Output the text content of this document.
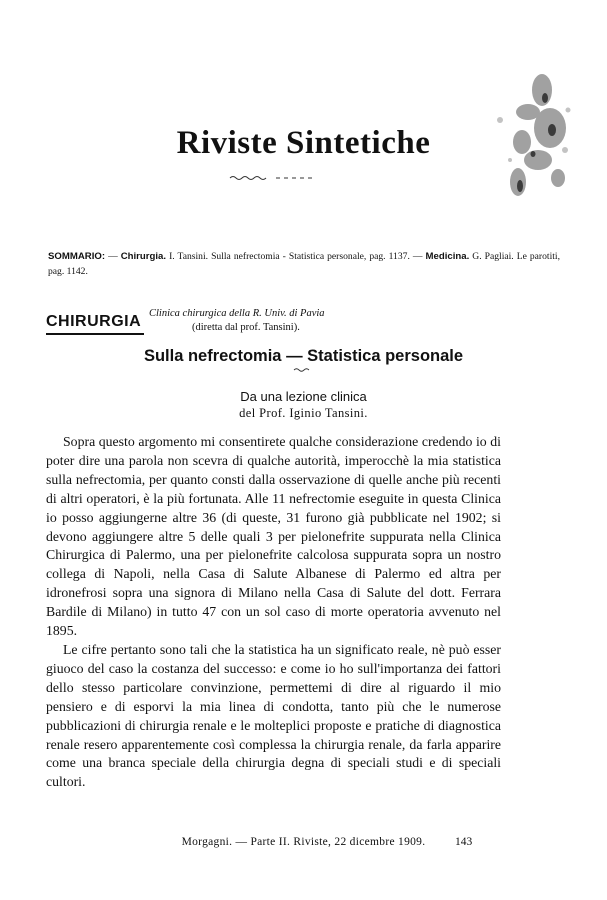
Riviste Sintetiche
SOMMARIO: — Chirurgia. I. Tansini. Sulla nefrectomia - Statistica personale, pag. 1137. — Medicina. G. Pagliai. Le parotiti, pag. 1142.
CHIRURGIA Clinica chirurgica della R. Univ. di Pavia
(diretta dal prof. Tansini).
Sulla nefrectomia — Statistica personale
Da una lezione clinica
del Prof. Iginio Tansini.

Sopra questo argomento mi consentirete qualche considerazione credendo io di poter dire una parola non scevra di qualche autorità, imperocchè la mia statistica sulla nefrectomia, per quanto consti dalla osservazione di quelle anche più recenti di altri operatori, è la più fortunata. Alle 11 nefrectomie eseguite in questa Clinica io posso aggiungerne altre 36 (di queste, 31 furono già pubblicate nel 1902; si devono aggiungere altre 5 delle quali 3 per pielonefrite suppurata nella Clinica Chirurgica di Palermo, una per pielonefrite calcolosa suppurata sopra un nostro collega di Napoli, nella Casa di Salute Albanese di Palermo ed altra per idronefrosi sopra una signora di Milano nella Casa di Salute del dott. Ferrara Bardile di Milano) in tutto 47 con un sol caso di morte operatoria avvenuto nel 1895.

Le cifre pertanto sono tali che la statistica ha un significato reale, nè può esser giuoco del caso la costanza del successo: e come io ho sull'importanza dei fattori dello stesso particolare convinzione, permettemi di dire al riguardo il mio pensiero e di esporvi la mia linea di condotta, tanto più che le numerose pubblicazioni di chirurgia renale e le molteplici proposte e pratiche di diagnostica renale resero apparentemente così complessa la chirurgia renale, da farla apparire come una branca speciale della chirurgia degna di speciali studi e di speciali cultori.

Morgagni. — Parte II. Riviste, 22 dicembre 1909.	143
